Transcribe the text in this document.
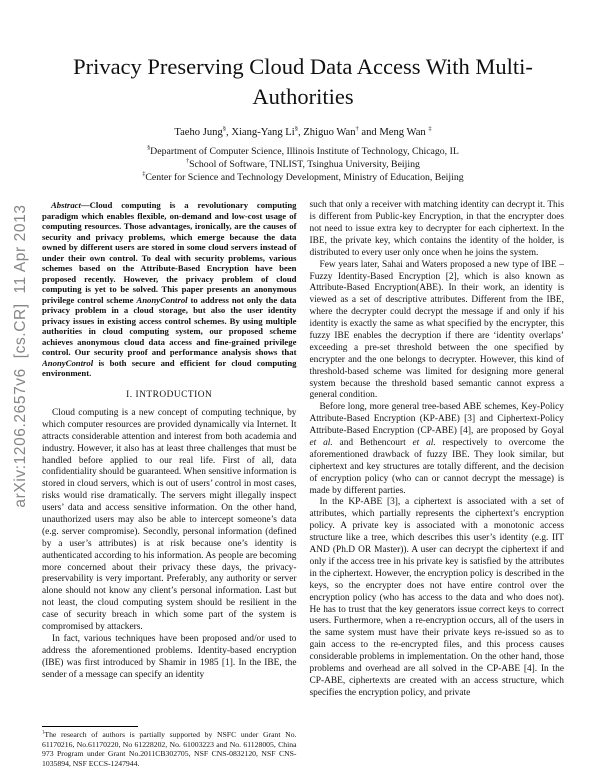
arXiv:1206.2657v6  [cs.CR]  11 Apr 2013
Privacy Preserving Cloud Data Access With Multi-Authorities
Taeho Jung§, Xiang-Yang Li§, Zhiguo Wan† and Meng Wan ‡
§Department of Computer Science, Illinois Institute of Technology, Chicago, IL
†School of Software, TNLIST, Tsinghua University, Beijing
‡Center for Science and Technology Development, Ministry of Education, Beijing

Abstract—Cloud computing is a revolutionary computing paradigm which enables flexible, on-demand and low-cost usage of computing resources. Those advantages, ironically, are the causes of security and privacy problems, which emerge because the data owned by different users are stored in some cloud servers instead of under their own control. To deal with security problems, various schemes based on the Attribute-Based Encryption have been proposed recently. However, the privacy problem of cloud computing is yet to be solved. This paper presents an anonymous privilege control scheme AnonyControl to address not only the data privacy problem in a cloud storage, but also the user identity privacy issues in existing access control schemes. By using multiple authorities in cloud computing system, our proposed scheme achieves anonymous cloud data access and fine-grained privilege control. Our security proof and performance analysis shows that AnonyControl is both secure and efficient for cloud computing environment.

I. INTRODUCTION

Cloud computing is a new concept of computing technique, by which computer resources are provided dynamically via Internet. It attracts considerable attention and interest from both academia and industry. However, it also has at least three challenges that must be handled before applied to our real life. First of all, data confidentiality should be guaranteed. When sensitive information is stored in cloud servers, which is out of users’ control in most cases, risks would rise dramatically. The servers might illegally inspect users’ data and access sensitive information. On the other hand, unauthorized users may also be able to intercept someone’s data (e.g. server compromise). Secondly, personal information (defined by a user’s attributes) is at risk because one’s identity is authenticated according to his information. As people are becoming more concerned about their privacy these days, the privacy-preservability is very important. Preferably, any authority or server alone should not know any client’s personal information. Last but not least, the cloud computing system should be resilient in the case of security breach in which some part of the system is compromised by attackers.

In fact, various techniques have been proposed and/or used to address the aforementioned problems. Identity-based encryption (IBE) was first introduced by Shamir in 1985 [1]. In the IBE, the sender of a message can specify an identity

$^1$The research of authors is partially supported by NSFC under Grant No. 61170216, No.61170220, No 61228202, No. 61003223 and No. 61128005, China 973 Program under Grant No.2011CB302705, NSF CNS-0832120, NSF CNS-1035894, NSF ECCS-1247944.

such that only a receiver with matching identity can decrypt it. This is different from Public-key Encryption, in that the encrypter does not need to issue extra key to decrypter for each ciphertext. In the IBE, the private key, which contains the identity of the holder, is distributed to every user only once when he joins the system.

Few years later, Sahai and Waters proposed a new type of IBE – Fuzzy Identity-Based Encryption [2], which is also known as Attribute-Based Encryption(ABE). In their work, an identity is viewed as a set of descriptive attributes. Different from the IBE, where the decrypter could decrypt the message if and only if his identity is exactly the same as what specified by the encrypter, this fuzzy IBE enables the decryption if there are ‘identity overlaps’ exceeding a pre-set threshold between the one specified by encrypter and the one belongs to decrypter. However, this kind of threshold-based scheme was limited for designing more general system because the threshold based semantic cannot express a general condition.

Before long, more general tree-based ABE schemes, Key-Policy Attribute-Based Encryption (KP-ABE) [3] and Ciphertext-Policy Attribute-Based Encryption (CP-ABE) [4], are proposed by Goyal et al. and Bethencourt et al. respectively to overcome the aforementioned drawback of fuzzy IBE. They look similar, but ciphertext and key structures are totally different, and the decision of encryption policy (who can or cannot decrypt the message) is made by different parties.

In the KP-ABE [3], a ciphertext is associated with a set of attributes, which partially represents the ciphertext’s encryption policy. A private key is associated with a monotonic access structure like a tree, which describes this user’s identity (e.g. IIT AND (Ph.D OR Master)). A user can decrypt the ciphertext if and only if the access tree in his private key is satisfied by the attributes in the ciphertext. However, the encryption policy is described in the keys, so the encrypter does not have entire control over the encryption policy (who has access to the data and who does not). He has to trust that the key generators issue correct keys to correct users. Furthermore, when a re-encryption occurs, all of the users in the same system must have their private keys re-issued so as to gain access to the re-encrypted files, and this process causes considerable problems in implementation. On the other hand, those problems and overhead are all solved in the CP-ABE [4]. In the CP-ABE, ciphertexts are created with an access structure, which specifies the encryption policy, and private
